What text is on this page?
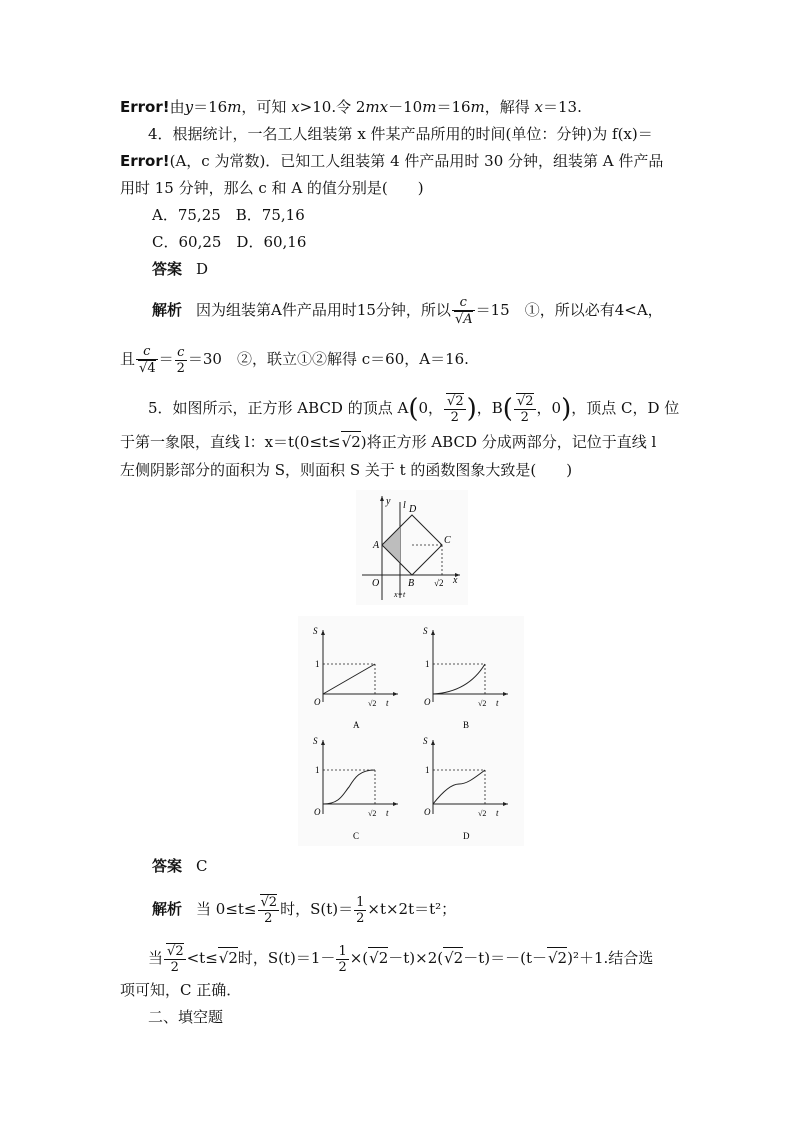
Error!由y＝16m，可知 x>10.令 2mx－10m＝16m，解得 x＝13.
4．根据统计，一名工人组装第 x 件某产品所用的时间(单位：分钟)为 f(x)＝
Error!(A，c 为常数)．已知工人组装第 4 件产品用时 30 分钟，组装第 A 件产品
用时 15 分钟，那么 c 和 A 的值分别是(　　)
A．75,25　B．75,16
C．60,25　D．60,16
答案 D
解析 因为组装第A件产品用时15分钟，所以 c
√ A ＝15　①，所以必有4<A，
且 c
√ $4 = \frac{c}{2} =30$　②，联立①②解得 c＝60，A＝16.
5．如图所示，正方形 ABCD 的顶点 A(0，
√ $\frac{2}{2}$ )，B(
√ $\frac{2}{2}$ ，0)，顶点 C，D 位
于第一象限，直线 l：x＝t(0≤t≤√ 2)将正方形 ABCD 分成两部分，记位于直线 l
左侧阴影部分的面积为 S，则面积 S 关于 t 的函数图象大致是(　　)
y l D
A	C
O	B √2 x
x=t
S
1
O	√2 t
A
S
1
O	√2 t
B
S
1
O	√2 t
C
S
1
O	√2 t
D
答案 C
解析 当 0≤t≤
√ $\frac{2}{2}$ 时，$S(t)= \frac{1}{2} \times t\times 2t=t^2$；
当
√ $\frac{2}{2} <t\le√$ 2时，$S(t)=1- \frac{1}{2}$ ×(√ 2－t)×2(√ 2－t)＝－(t－√ 2)²＋1.结合选
项可知，C 正确．
二、填空题
